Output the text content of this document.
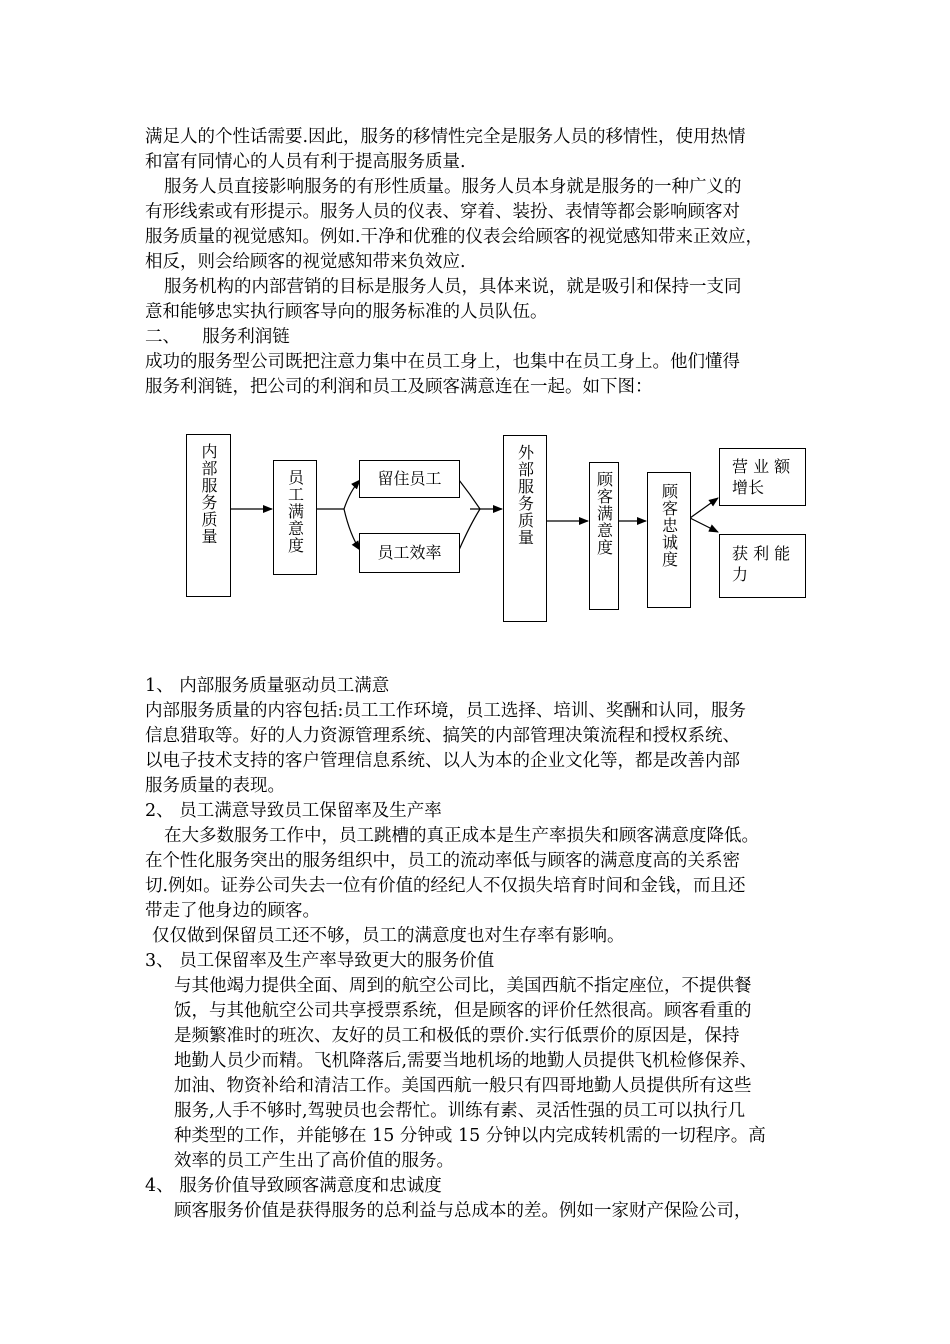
满足人的个性话需要.因此，服务的移情性完全是服务人员的移情性，使用热情
和富有同情心的人员有利于提高服务质量.
服务人员直接影响服务的有形性质量。服务人员本身就是服务的一种广义的
有形线索或有形提示。服务人员的仪表、穿着、装扮、表情等都会影响顾客对
服务质量的视觉感知。例如.干净和优雅的仪表会给顾客的视觉感知带来正效应，
相反，则会给顾客的视觉感知带来负效应.
服务机构的内部营销的目标是服务人员，具体来说，就是吸引和保持一支同
意和能够忠实执行顾客导向的服务标准的人员队伍。
二、    服务利润链
成功的服务型公司既把注意力集中在员工身上，也集中在员工身上。他们懂得
服务利润链，把公司的利润和员工及顾客满意连在一起。如下图：
内部服务质量	员工满意度	留住员工
员工效率
外部服务质量	顾客满意度	顾客忠诚度
营 业 额
增长
获 利 能
力
1、 内部服务质量驱动员工满意
内部服务质量的内容包括:员工工作环境，员工选择、培训、奖酬和认同，服务
信息猎取等。好的人力资源管理系统、搞笑的内部管理决策流程和授权系统、
以电子技术支持的客户管理信息系统、以人为本的企业文化等，都是改善内部
服务质量的表现。
2、 员工满意导致员工保留率及生产率
在大多数服务工作中，员工跳槽的真正成本是生产率损失和顾客满意度降低。
在个性化服务突出的服务组织中，员工的流动率低与顾客的满意度高的关系密
切.例如。证券公司失去一位有价值的经纪人不仅损失培育时间和金钱，而且还
带走了他身边的顾客。
仅仅做到保留员工还不够，员工的满意度也对生存率有影响。
3、 员工保留率及生产率导致更大的服务价值
与其他竭力提供全面、周到的航空公司比，美国西航不指定座位，不提供餐
饭，与其他航空公司共享授票系统，但是顾客的评价任然很高。顾客看重的
是频繁准时的班次、友好的员工和极低的票价.实行低票价的原因是，保持
地勤人员少而精。飞机降落后,需要当地机场的地勤人员提供飞机检修保养、
加油、物资补给和清洁工作。美国西航一般只有四哥地勤人员提供所有这些
服务,人手不够时,驾驶员也会帮忙。训练有素、灵活性强的员工可以执行几
种类型的工作，并能够在 15 分钟或 15 分钟以内完成转机需的一切程序。高
效率的员工产生出了高价值的服务。
4、 服务价值导致顾客满意度和忠诚度
顾客服务价值是获得服务的总利益与总成本的差。例如一家财产保险公司，
